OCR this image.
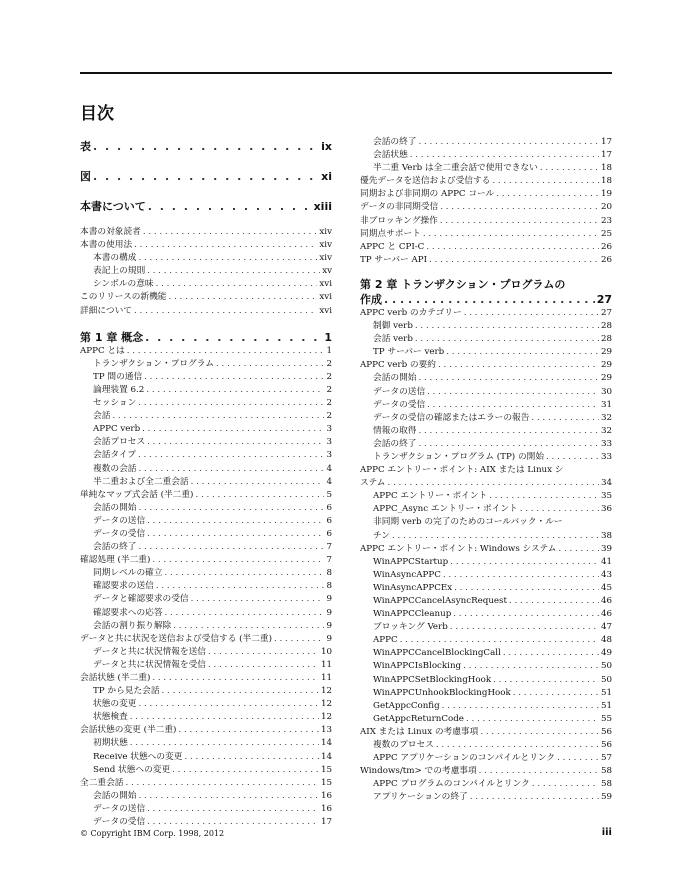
目次
表 . . .	ix
図 . . .	xi
本書について . . .	xiii
本書の対象読者 . . .	xiv
本書の使用法 . . .	xiv
本書の構成 . . .	xiv
表記上の規則 . . .	xv
シンボルの意味 . . .	xvi
このリリースの新機能 . . .	xvi
詳細について . . .	xvi
第 1 章 概念 . . .	1
APPC とは . . .	1
トランザクション・プログラム . . .	2
TP 間の通信 . . .	2
論理装置 6.2 . . .	2
セッション . . .	2
会話 . . .	2
APPC verb . . .	3
会話プロセス . . .	3
会話タイプ . . .	3
複数の会話 . . .	4
半二重および全二重会話 . . .	4
単純なマップ式会話 (半二重) . . .	5
会話の開始 . . .	6
データの送信 . . .	6
データの受信 . . .	6
会話の終了 . . .	7
確認処理 (半二重) . . .	7
同期レベルの確立 . . .	8
確認要求の送信 . . .	8
データと確認要求の受信 . . .	9
確認要求への応答 . . .	9
会話の割り振り解除 . . .	9
データと共に状況を送信および受信する (半二重) . . .	9
データと共に状況情報を送信 . . .	10
データと共に状況情報を受信 . . .	11
会話状態 (半二重) . . .	11
TP から見た会話 . . .	12
状態の変更 . . .	12
状態検査 . . .	12
会話状態の変更 (半二重) . . .	13
初期状態 . . .	14
Receive 状態への変更 . . .	14
Send 状態への変更 . . .	15
全二重会話 . . .	15
会話の開始 . . .	16
データの送信 . . .	16
データの受信 . . .	17
会話の終了 . . .	17
会話状態 . . .	17
半二重 Verb は全二重会話で使用できない . . .	18
優先データを送信および受信する . . .	18
同期および非同期の APPC コール . . .	19
データの非同期受信 . . .	20
非ブロッキング操作 . . .	23
同期点サポート . . .	25
APPC と CPI-C . . .	26
TP サーバー API . . .	26
第 2 章 トランザクション・プログラムの
作成 . . .	27
APPC verb のカテゴリー . . .	27
制御 verb . . .	28
会話 verb . . .	28
TP サーバー verb . . .	29
APPC verb の要約 . . .	29
会話の開始 . . .	29
データの送信 . . .	30
データの受信 . . .	31
データの受信の確認またはエラーの報告 . . .	32
情報の取得 . . .	32
会話の終了 . . .	33
トランザクション・プログラム (TP) の開始 . . .	33
APPC エントリー・ポイント: AIX または Linux シ
ステム . . .	34
APPC エントリー・ポイント . . .	35
APPC_Async エントリー・ポイント . . .	36
非同期 verb の完了のためのコールバック・ルー
チン . . .	38
APPC エントリー・ポイント: Windows システム . . .	39
WinAPPCStartup . . .	41
WinAsyncAPPC . . .	43
WinAsyncAPPCEx . . .	45
WinAPPCCancelAsyncRequest . . .	46
WinAPPCCleanup . . .	46
ブロッキング Verb . . .	47
APPC . . .	48
WinAPPCCancelBlockingCall . . .	49
WinAPPCIsBlocking . . .	50
WinAPPCSetBlockingHook . . .	50
WinAPPCUnhookBlockingHook . . .	51
GetAppcConfig . . .	51
GetAppcReturnCode . . .	55
AIX または Linux の考慮事項 . . .	56
複数のプロセス . . .	56
APPC アプリケーションのコンパイルとリンク . . .	57
Windows/tm> での考慮事項 . . .	58
APPC プログラムのコンパイルとリンク . . .	58
アプリケーションの終了 . . .	59
© Copyright IBM Corp. 1998, 2012	iii
